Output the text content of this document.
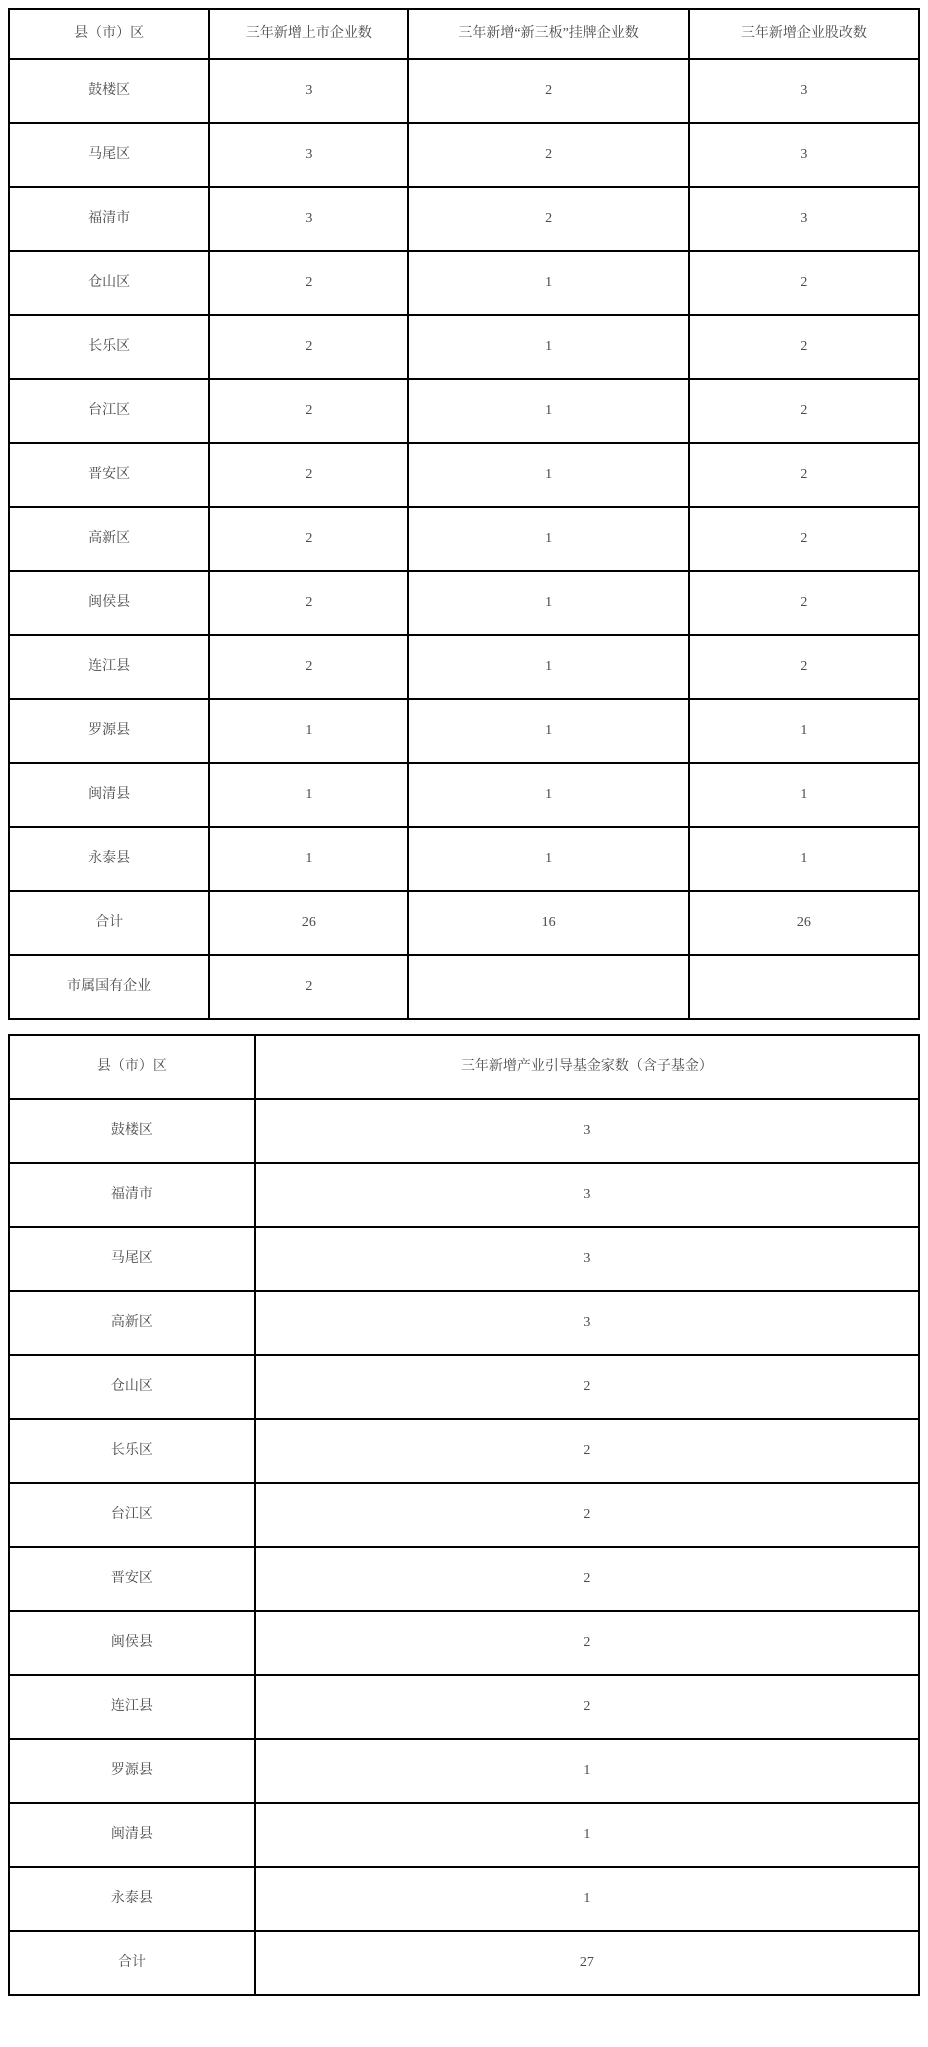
县（市）区	三年新增上市企业数	三年新增“新三板”挂牌企业数	三年新增企业股改数
鼓楼区	3	2	3
马尾区	3	2	3
福清市	3	2	3
仓山区	2	1	2
长乐区	2	1	2
台江区	2	1	2
晋安区	2	1	2
高新区	2	1	2
闽侯县	2	1	2
连江县	2	1	2
罗源县	1	1	1
闽清县	1	1	1
永泰县	1	1	1
合计	26	16	26
市属国有企业	2		
县（市）区	三年新增产业引导基金家数（含子基金）
鼓楼区	3
福清市	3
马尾区	3
高新区	3
仓山区	2
长乐区	2
台江区	2
晋安区	2
闽侯县	2
连江县	2
罗源县	1
闽清县	1
永泰县	1
合计	27
